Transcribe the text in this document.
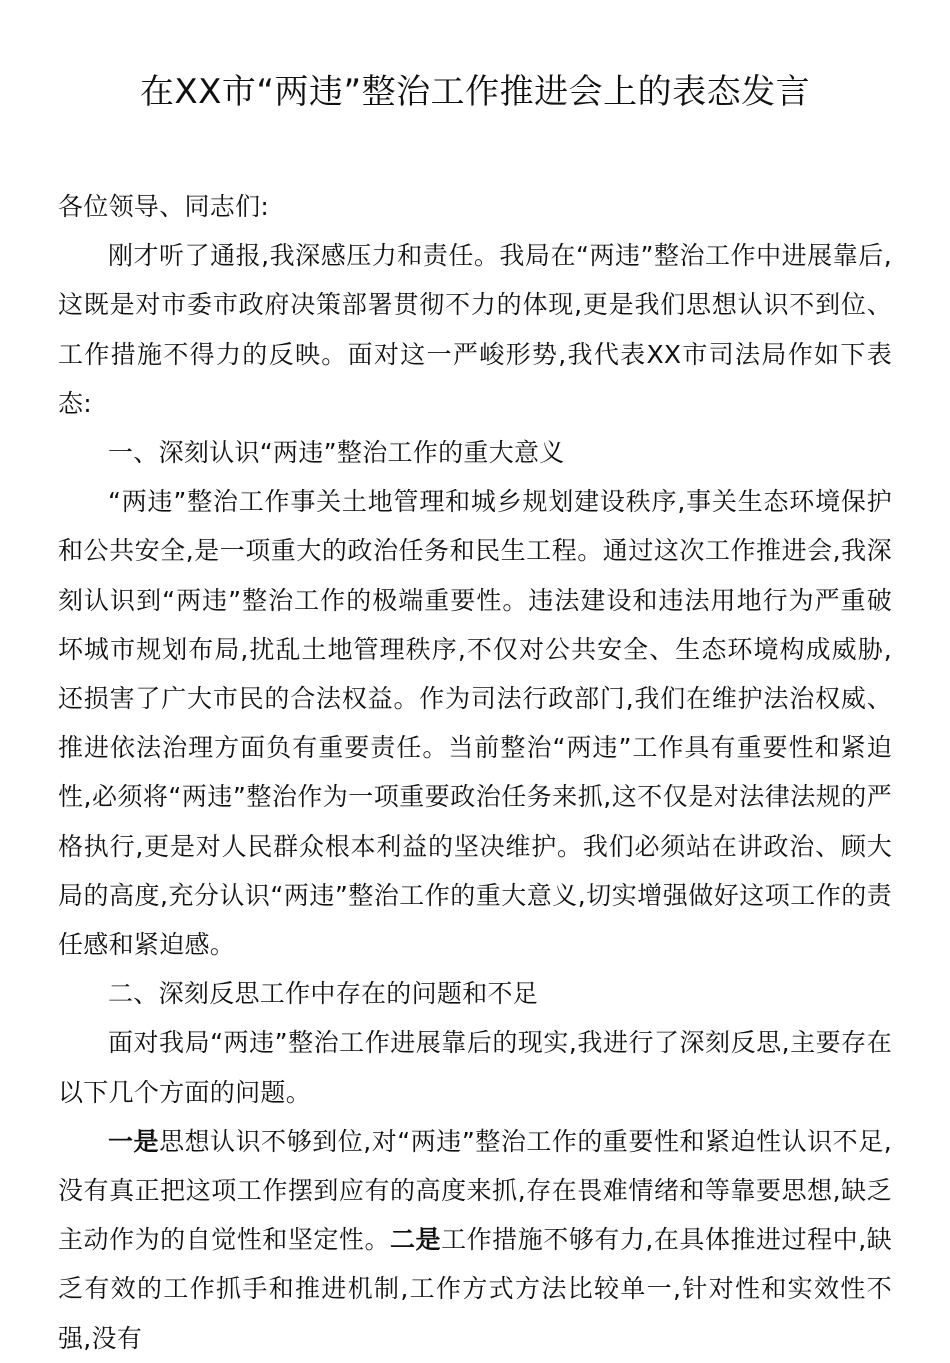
在XX市“两违”整治工作推进会上的表态发言

各位领导、同志们:

刚才听了通报,我深感压力和责任。我局在“两违”整治工作中进展靠后,这既是对市委市政府决策部署贯彻不力的体现,更是我们思想认识不到位、工作措施不得力的反映。面对这一严峻形势,我代表XX市司法局作如下表态:

一、深刻认识“两违”整治工作的重大意义

“两违”整治工作事关土地管理和城乡规划建设秩序,事关生态环境保护和公共安全,是一项重大的政治任务和民生工程。通过这次工作推进会,我深刻认识到“两违”整治工作的极端重要性。违法建设和违法用地行为严重破坏城市规划布局,扰乱土地管理秩序,不仅对公共安全、生态环境构成威胁,还损害了广大市民的合法权益。作为司法行政部门,我们在维护法治权威、推进依法治理方面负有重要责任。当前整治“两违”工作具有重要性和紧迫性,必须将“两违”整治作为一项重要政治任务来抓,这不仅是对法律法规的严格执行,更是对人民群众根本利益的坚决维护。我们必须站在讲政治、顾大局的高度,充分认识“两违”整治工作的重大意义,切实增强做好这项工作的责任感和紧迫感。

二、深刻反思工作中存在的问题和不足

面对我局“两违”整治工作进展靠后的现实,我进行了深刻反思,主要存在以下几个方面的问题。

一是思想认识不够到位,对“两违”整治工作的重要性和紧迫性认识不足,没有真正把这项工作摆到应有的高度来抓,存在畏难情绪和等靠要思想,缺乏主动作为的自觉性和坚定性。二是工作措施不够有力,在具体推进过程中,缺乏有效的工作抓手和推进机制,工作方式方法比较单一,针对性和实效性不强,没有
